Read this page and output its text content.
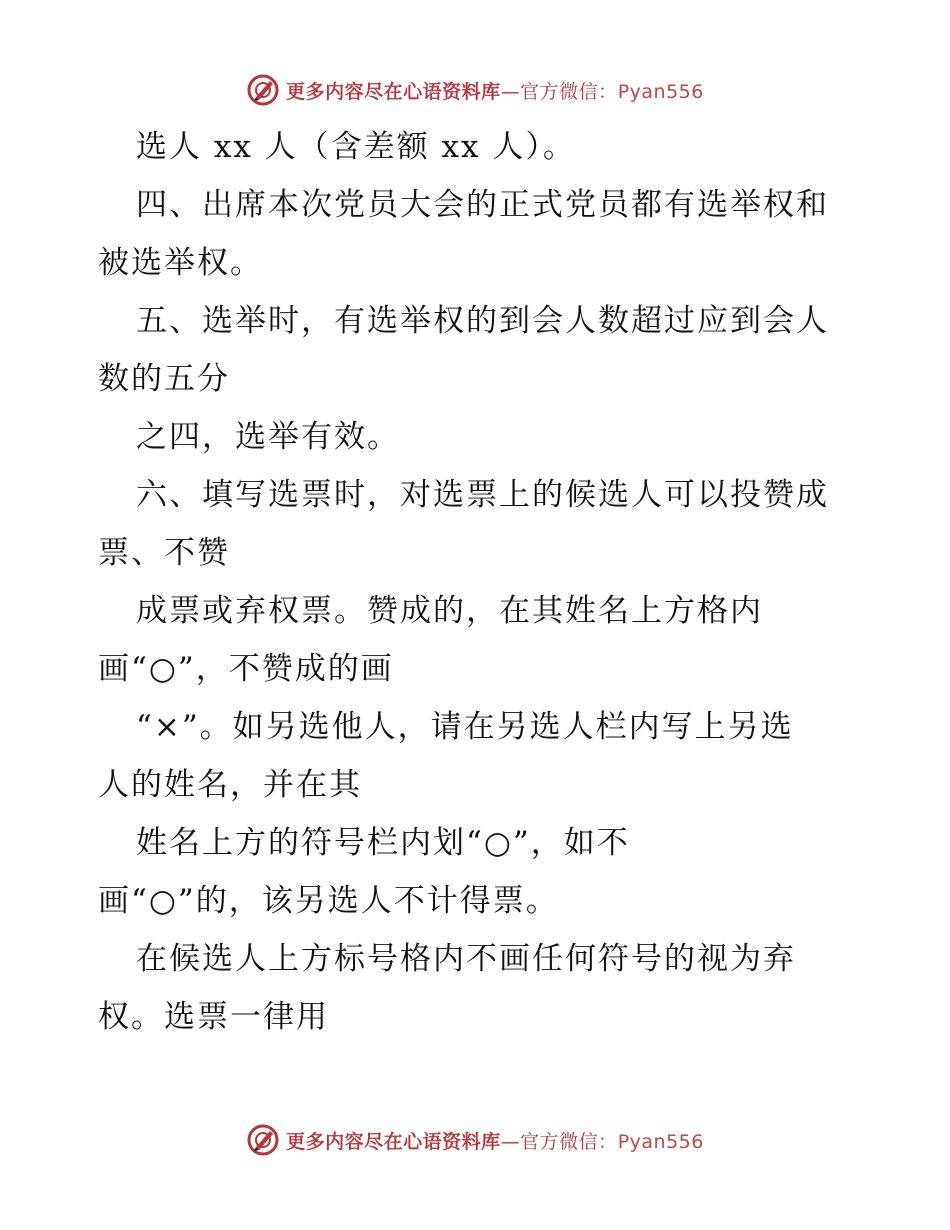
更多内容尽在心语资料库—官方微信：Pyan556
选人 xx 人（含差额 xx 人）。
四、出席本次党员大会的正式党员都有选举权和
被选举权。
五、选举时，有选举权的到会人数超过应到会人
数的五分
之四，选举有效。
六、填写选票时，对选票上的候选人可以投赞成
票、不赞
成票或弃权票。赞成的，在其姓名上方格内
画“○”，不赞成的画
“×”。如另选他人，请在另选人栏内写上另选
人的姓名，并在其
姓名上方的符号栏内划“○”，如不
画“○”的，该另选人不计得票。
在候选人上方标号格内不画任何符号的视为弃
权。选票一律用
更多内容尽在心语资料库—官方微信：Pyan556
